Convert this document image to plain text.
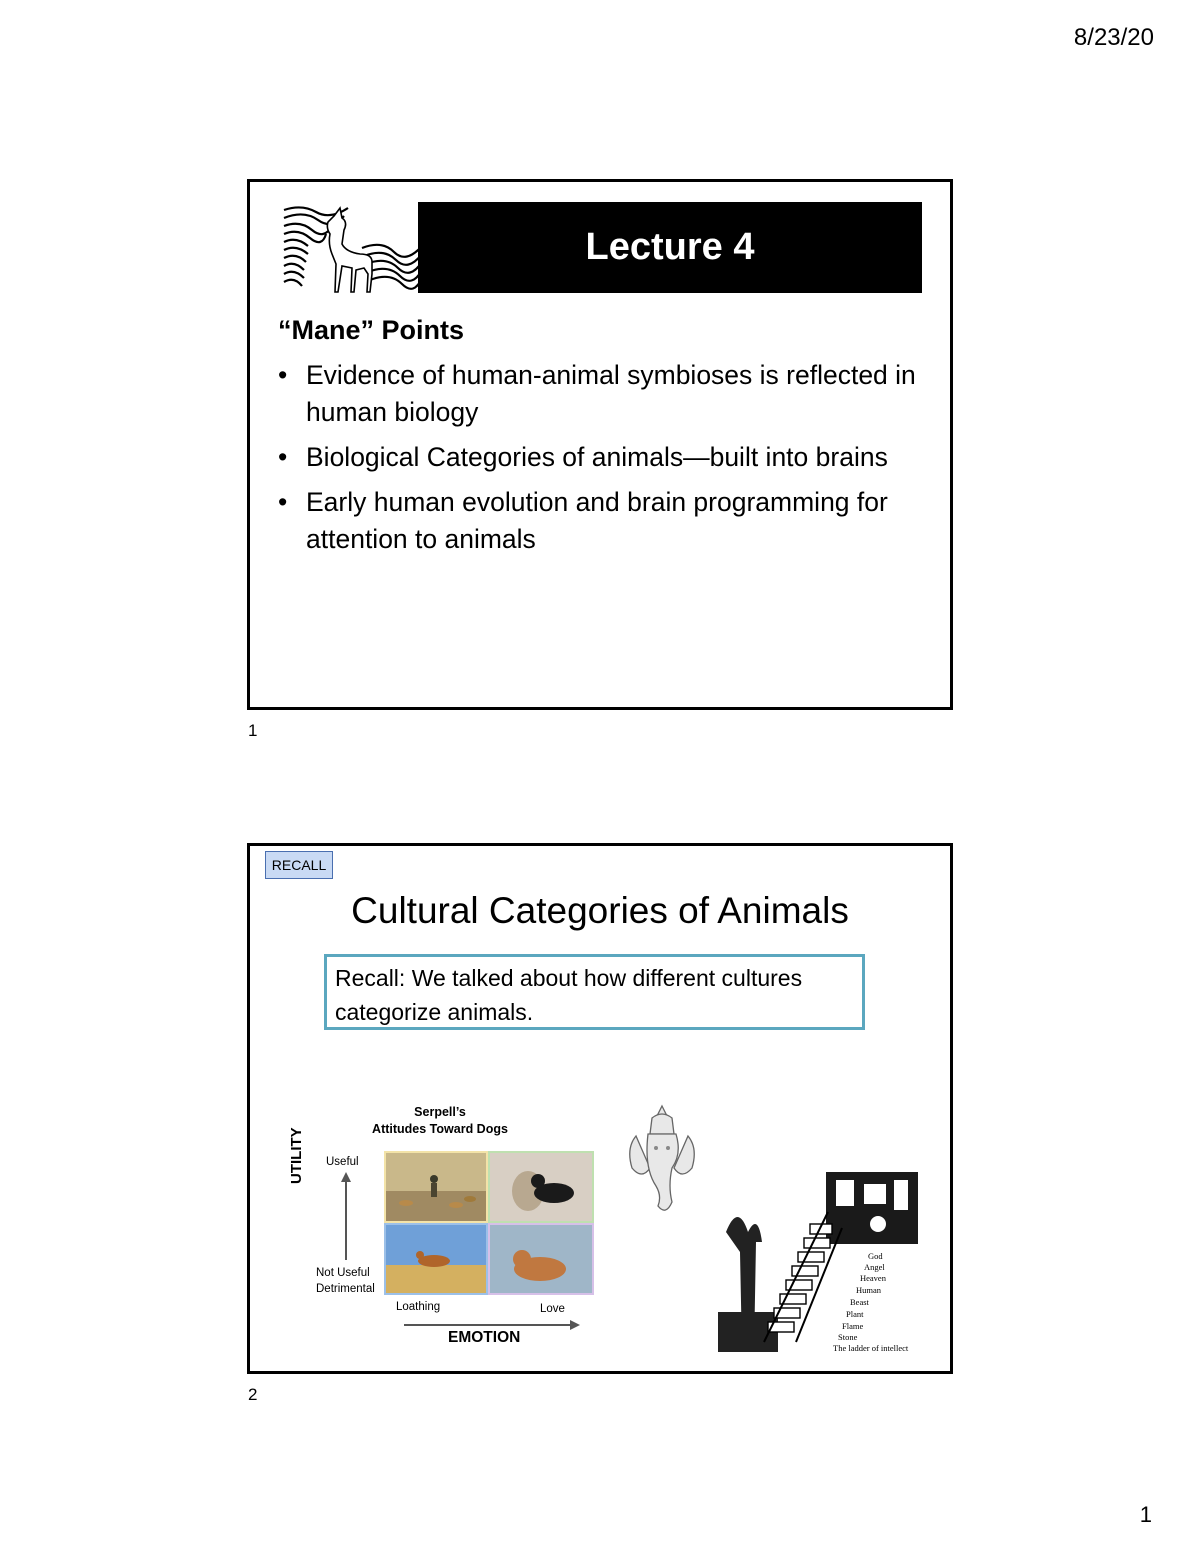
8/23/20
Lecture 4
“Mane” Points
• Evidence of human-animal symbioses is reflected in human biology
• Biological Categories of animals—built into brains
• Early human evolution and brain programming for attention to animals
1
RECALL
Cultural Categories of Animals
Recall: We talked about how different cultures categorize animals.
Serpell’s
Attitudes Toward Dogs
Useful
UTILITY
Not Useful
Detrimental
Loathing	Love
EMOTION
God
Angel
Heaven
Human
Beast
Plant
Flame
Stone
The ladder of intellect
2
1
